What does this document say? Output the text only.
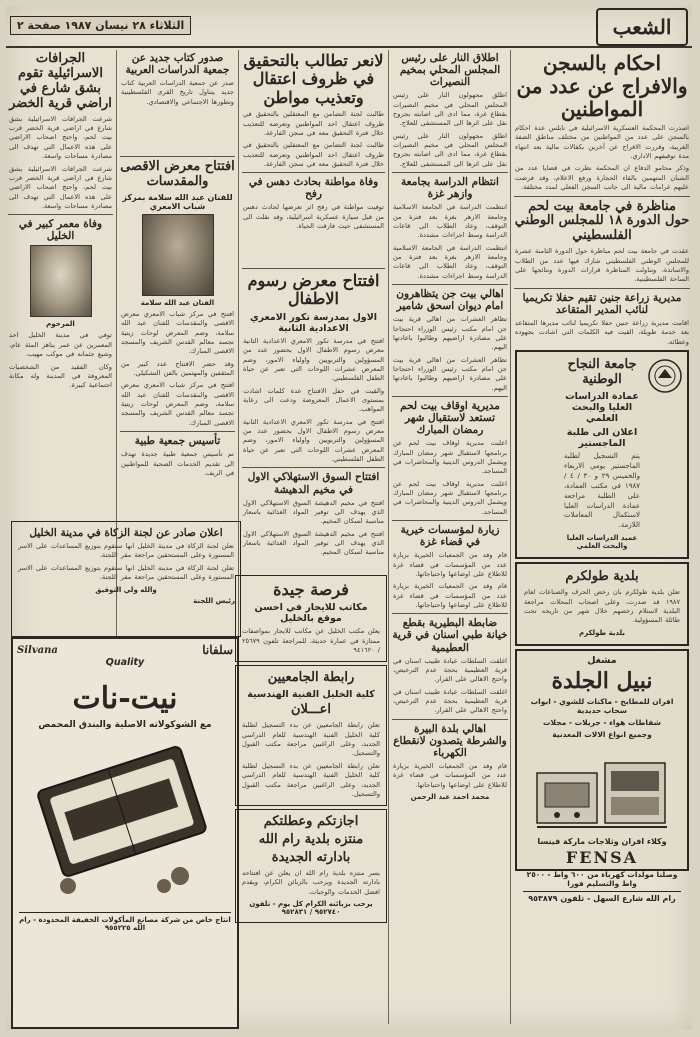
الشعب
الثلاثاء ٢٨ نيسان ١٩٨٧ صفحة ٢
احكام بالسجن والافراج عن عدد من المواطنين
اصدرت المحكمة العسكرية الاسرائيلية في نابلس عدة احكام بالسجن على عدد من المواطنين من مختلف مناطق الضفة الغربية، وقررت الافراج عن آخرين بكفالات مالية بعد انتهاء مدة توقيفهم الاداري.
وذكر محامو الدفاع ان المحكمة نظرت في قضايا عدد من الشبان المتهمين بالقاء الحجارة ورفع الاعلام، وقد فرضت عليهم غرامات مالية الى جانب السجن الفعلي لمدد مختلفة.
مناظرة في جامعة بيت لحم حول الدورة ١٨ للمجلس الوطني الفلسطيني
عقدت في جامعة بيت لحم مناظرة حول الدورة الثامنة عشرة للمجلس الوطني الفلسطيني شارك فيها عدد من الطلاب والاساتذة، وتناولت المناظرة قرارات الدورة ونتائجها على الساحة الفلسطينية.
مديرية زراعة جنين تقيم حفلا تكريميا لنائب المدير المتقاعد
اقامت مديرية زراعة جنين حفلا تكريميا لنائب مديرها المتقاعد بعد خدمة طويلة، القيت فيه الكلمات التي اشادت بجهوده وعطائه.
جامعة النجاح الوطنية
عمادة الدراسات العليا والبحث العلمي
اعلان الى طلبة الماجستير
يتم التسجيل لطلبة الماجستير يومي الاربعاء والخميس ٢٩ و ٣٠ / ٤ / ١٩٨٧ في مكتب العمادة، على الطلبة مراجعة عمادة الدراسات العليا لاستكمال المعاملات اللازمة.
عميد الدراسات العليا والبحث العلمي
بلدية طولكرم
تعلن بلدية طولكرم بان رخص الحرف والصناعات لعام ١٩٨٧ قد صدرت، وعلى اصحاب المحلات مراجعة البلدية لاستلام رخصهم خلال شهر من تاريخه تحت طائلة المسؤولية.
بلدية طولكرم
مشغل
نبيل الجلدة
افران للمطابخ - ماكنات للشوي - ابواب سحاب حديدية
شفاطات هواء - جريلات - مجلات
وجميع انواع الالات المعدنية
وكلاء افران وثلاجات ماركة فينسا
FENSA
وصلنا مولدات كهرباء من ٦٠٠ واط - ٢٥٠٠ واط والتسليم فورا
رام الله شارع السهل - تلفون ٩٥٣٨٧٩
اطلاق النار على رئيس المجلس المحلي بمخيم النصيرات
اطلق مجهولون النار على رئيس المجلس المحلي في مخيم النصيرات بقطاع غزة، مما ادى الى اصابته بجروح نقل على اثرها الى المستشفى للعلاج.
اطلق مجهولون النار على رئيس المجلس المحلي في مخيم النصيرات بقطاع غزة، مما ادى الى اصابته بجروح نقل على اثرها الى المستشفى للعلاج.
انتظام الدراسة بجامعة وازهر غزة
انتظمت الدراسة في الجامعة الاسلامية وجامعة الازهر بغزة بعد فترة من التوقف، وعاد الطلاب الى قاعات الدراسة وسط اجراءات مشددة.
انتظمت الدراسة في الجامعة الاسلامية وجامعة الازهر بغزة بعد فترة من التوقف، وعاد الطلاب الى قاعات الدراسة وسط اجراءات مشددة.
اهالي بيت جن يتظاهرون امام ديوان اسحق شامير
تظاهر العشرات من اهالي قرية بيت جن امام مكتب رئيس الوزراء احتجاجا على مصادرة اراضيهم وطالبوا باعادتها اليهم.
تظاهر العشرات من اهالي قرية بيت جن امام مكتب رئيس الوزراء احتجاجا على مصادرة اراضيهم وطالبوا باعادتها اليهم.
مديرية اوقاف بيت لحم تستعد لاستقبال شهر رمضان المبارك
اعلنت مديرية اوقاف بيت لحم عن برنامجها لاستقبال شهر رمضان المبارك ويشمل الدروس الدينية والمحاضرات في المساجد.
اعلنت مديرية اوقاف بيت لحم عن برنامجها لاستقبال شهر رمضان المبارك ويشمل الدروس الدينية والمحاضرات في المساجد.
زيارة لمؤسسات خيرية في قضاء غزة
قام وفد من الجمعيات الخيرية بزيارة عدد من المؤسسات في قضاء غزة للاطلاع على اوضاعها واحتياجاتها.
قام وفد من الجمعيات الخيرية بزيارة عدد من المؤسسات في قضاء غزة للاطلاع على اوضاعها واحتياجاتها.
ضابطة البطيرية بقطع خيانة طبي اسنان في قرية العطيمية
اغلقت السلطات عيادة طبيب اسنان في قرية العطيمية بحجة عدم الترخيص، واحتج الاهالي على القرار.
اغلقت السلطات عيادة طبيب اسنان في قرية العطيمية بحجة عدم الترخيص، واحتج الاهالي على القرار.
اهالي بلدة البيرة والشرطة يتصدون لانقطاع الكهرباء
قام وفد من الجمعيات الخيرية بزيارة عدد من المؤسسات في قضاء غزة للاطلاع على اوضاعها واحتياجاتها.
محمد احمد عبد الرحمن
لانعر تطالب بالتحقيق في ظروف اعتقال وتعذيب مواطن
طالبت لجنة التضامن مع المعتقلين بالتحقيق في ظروف اعتقال احد المواطنين وتعرضه للتعذيب خلال فترة التحقيق معه في سجن الفارعة.
طالبت لجنة التضامن مع المعتقلين بالتحقيق في ظروف اعتقال احد المواطنين وتعرضه للتعذيب خلال فترة التحقيق معه في سجن الفارعة.
وفاة مواطنة بحادث دهس في رفح
توفيت مواطنة في رفح اثر تعرضها لحادث دهس من قبل سيارة عسكرية اسرائيلية، وقد نقلت الى المستشفى حيث فارقت الحياة.
صدور كتاب جديد عن جمعية الدراسات العربية
صدر عن جمعية الدراسات العربية كتاب جديد يتناول تاريخ القرى الفلسطينية وتطورها الاجتماعي والاقتصادي.
افتتاح معرض رسوم الاطفال
الاول بمدرسة تكور الامعري الاعدادية الثانية
افتتح في مدرسة تكور الامعري الاعدادية الثانية معرض رسوم الاطفال الاول بحضور عدد من المسؤولين والتربويين واولياء الامور، وضم المعرض عشرات اللوحات التي تعبر عن حياة الطفل الفلسطيني.
والقيت في حفل الافتتاح عدة كلمات اشادت بمستوى الاعمال المعروضة ودعت الى رعاية المواهب.
افتتح في مدرسة تكور الامعري الاعدادية الثانية معرض رسوم الاطفال الاول بحضور عدد من المسؤولين والتربويين واولياء الامور، وضم المعرض عشرات اللوحات التي تعبر عن حياة الطفل الفلسطيني.
افتتاح السوق الاستهلاكي الاول في مخيم الدهيشة
افتتح في مخيم الدهيشة السوق الاستهلاكي الاول الذي يهدف الى توفير المواد الغذائية باسعار مناسبة لسكان المخيم.
افتتح في مخيم الدهيشة السوق الاستهلاكي الاول الذي يهدف الى توفير المواد الغذائية باسعار مناسبة لسكان المخيم.
افتتاح معرض الاقصى والمقدسات
للفنان عبد الله سلامة بمركز شباب الامعري
الفنان عبد الله سلامة
افتتح في مركز شباب الامعري معرض الاقصى والمقدسات للفنان عبد الله سلامة، وضم المعرض لوحات زيتية تجسد معالم القدس الشريف والمسجد الاقصى المبارك.
وقد حضر الافتتاح عدد كبير من المثقفين والمهتمين بالفن التشكيلي.
افتتح في مركز شباب الامعري معرض الاقصى والمقدسات للفنان عبد الله سلامة، وضم المعرض لوحات زيتية تجسد معالم القدس الشريف والمسجد الاقصى المبارك.
تأسيس جمعية طبية
تم تأسيس جمعية طبية جديدة تهدف الى تقديم الخدمات الصحية للمواطنين في الريف.
الجرافات الاسرائيلية تقوم بشق شارع في اراضي قرية الخضر
شرعت الجرافات الاسرائيلية بشق شارع في اراضي قرية الخضر قرب بيت لحم، واحتج اصحاب الاراضي على هذه الاعمال التي تهدف الى مصادرة مساحات واسعة.
شرعت الجرافات الاسرائيلية بشق شارع في اراضي قرية الخضر قرب بيت لحم، واحتج اصحاب الاراضي على هذه الاعمال التي تهدف الى مصادرة مساحات واسعة.
وفاة معمر كبير في الخليل
المرحوم
توفي في مدينة الخليل احد المعمرين عن عمر يناهز المئة عام، وشيع جثمانه في موكب مهيب.
وكان الفقيد من الشخصيات المعروفة في المدينة وله مكانة اجتماعية كبيرة.
اعلان صادر عن لجنة الزكاة في مدينة الخليل
تعلن لجنة الزكاة في مدينة الخليل انها ستقوم بتوزيع المساعدات على الاسر المستورة وعلى المستحقين مراجعة مقر اللجنة.
تعلن لجنة الزكاة في مدينة الخليل انها ستقوم بتوزيع المساعدات على الاسر المستورة وعلى المستحقين مراجعة مقر اللجنة.
والله ولي التوفيق
رئيس اللجنة
Silvana	سلفانا
Quality
نيت-نات
مع الشوكولاته الاصلية والبندق المحمص
انتاج خاص من شركة مصانع المأكولات الخفيفة المحدودة - رام الله ٩٥٥٢٢٥
فرصة جيدة
مكاتب للايجار في احسن موقع بالخليل
يعلن مكتب الخليل عن مكاتب للايجار بمواصفات ممتازة في عمارة حديثة، للمراجعة تلفون ٢٥٦٧٩ / ٩٤١٦٢٠
رابطة الجامعيين
كلية الخليل الفنية الهندسية
اعـــلان
تعلن رابطة الجامعيين عن بدء التسجيل لطلبة كلية الخليل الفنية الهندسية للعام الدراسي الجديد، وعلى الراغبين مراجعة مكتب القبول والتسجيل.
تعلن رابطة الجامعيين عن بدء التسجيل لطلبة كلية الخليل الفنية الهندسية للعام الدراسي الجديد، وعلى الراغبين مراجعة مكتب القبول والتسجيل.
اجازتكم وعطلتكم
منتزه بلدية رام الله
بادارته الجديدة
يسر منتزه بلدية رام الله ان يعلن عن افتتاحه بادارته الجديدة ويرحب بالزبائن الكرام، ويقدم افضل الخدمات والوجبات.
يرحب بزبائنه الكرام كل يوم - تلفون ٩٥٢٧٤٠ / ٩٥٢٨٣١
